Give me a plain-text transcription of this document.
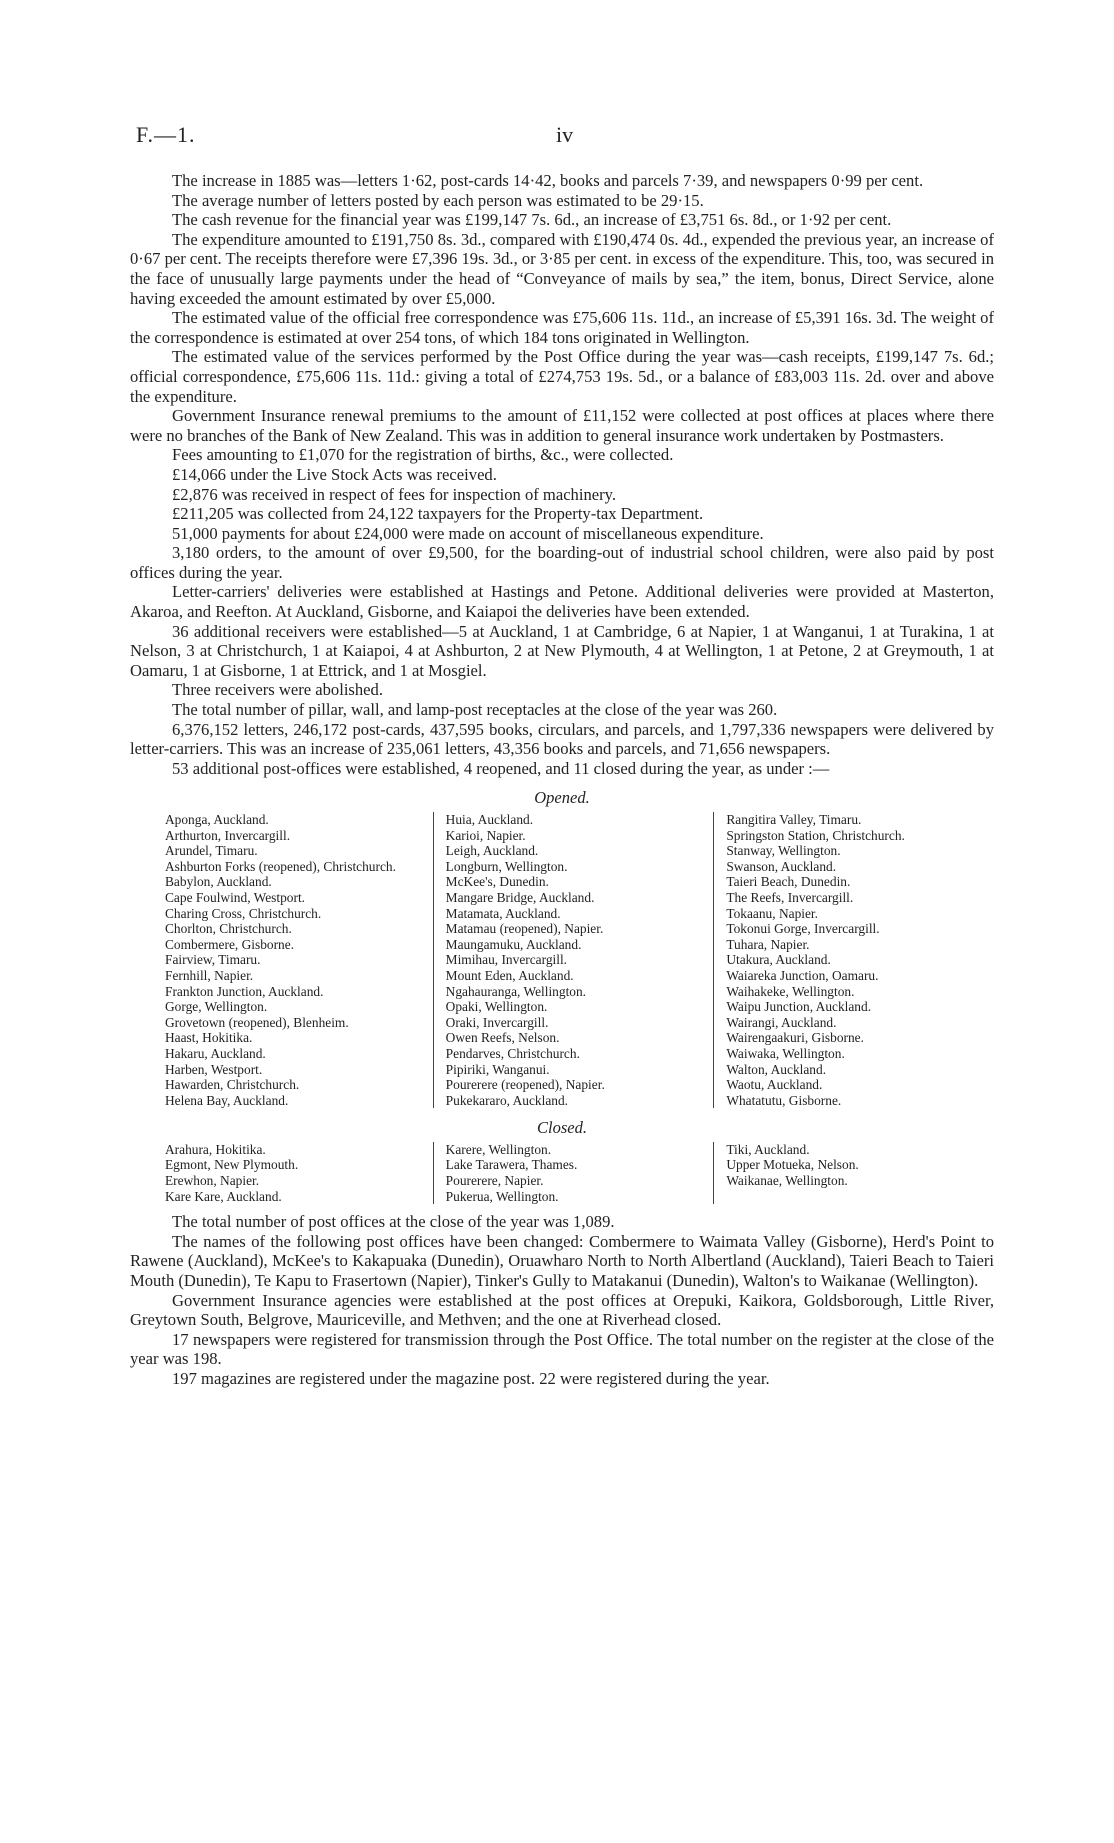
F.—1.	iv

The increase in 1885 was—letters 1·62, post-cards 14·42, books and parcels 7·39, and newspapers 0·99 per cent.

The average number of letters posted by each person was estimated to be 29·15.

The cash revenue for the financial year was £199,147 7s. 6d., an increase of £3,751 6s. 8d., or 1·92 per cent.

The expenditure amounted to £191,750 8s. 3d., compared with £190,474 0s. 4d., expended the previous year, an increase of 0·67 per cent. The receipts therefore were £7,396 19s. 3d., or 3·85 per cent. in excess of the expenditure. This, too, was secured in the face of unusually large payments under the head of “Conveyance of mails by sea,” the item, bonus, Direct Service, alone having exceeded the amount estimated by over £5,000.

The estimated value of the official free correspondence was £75,606 11s. 11d., an increase of £5,391 16s. 3d. The weight of the correspondence is estimated at over 254 tons, of which 184 tons originated in Wellington.

The estimated value of the services performed by the Post Office during the year was—cash receipts, £199,147 7s. 6d.; official correspondence, £75,606 11s. 11d.: giving a total of £274,753 19s. 5d., or a balance of £83,003 11s. 2d. over and above the expenditure.

Government Insurance renewal premiums to the amount of £11,152 were collected at post offices at places where there were no branches of the Bank of New Zealand. This was in addition to general insurance work undertaken by Postmasters.

Fees amounting to £1,070 for the registration of births, &c., were collected.

£14,066 under the Live Stock Acts was received.

£2,876 was received in respect of fees for inspection of machinery.

£211,205 was collected from 24,122 taxpayers for the Property-tax Department.

51,000 payments for about £24,000 were made on account of miscellaneous expenditure.

3,180 orders, to the amount of over £9,500, for the boarding-out of industrial school children, were also paid by post offices during the year.

Letter-carriers' deliveries were established at Hastings and Petone. Additional deliveries were provided at Masterton, Akaroa, and Reefton. At Auckland, Gisborne, and Kaiapoi the deliveries have been extended.

36 additional receivers were established—5 at Auckland, 1 at Cambridge, 6 at Napier, 1 at Wanganui, 1 at Turakina, 1 at Nelson, 3 at Christchurch, 1 at Kaiapoi, 4 at Ashburton, 2 at New Plymouth, 4 at Wellington, 1 at Petone, 2 at Greymouth, 1 at Oamaru, 1 at Gisborne, 1 at Ettrick, and 1 at Mosgiel.

Three receivers were abolished.

The total number of pillar, wall, and lamp-post receptacles at the close of the year was 260.

6,376,152 letters, 246,172 post-cards, 437,595 books, circulars, and parcels, and 1,797,336 newspapers were delivered by letter-carriers. This was an increase of 235,061 letters, 43,356 books and parcels, and 71,656 newspapers.

53 additional post-offices were established, 4 reopened, and 11 closed during the year, as under :—

Opened.
Aponga, Auckland.
Arthurton, Invercargill.
Arundel, Timaru.
Ashburton Forks (reopened), Christchurch.
Babylon, Auckland.
Cape Foulwind, Westport.
Charing Cross, Christchurch.
Chorlton, Christchurch.
Combermere, Gisborne.
Fairview, Timaru.
Fernhill, Napier.
Frankton Junction, Auckland.
Gorge, Wellington.
Grovetown (reopened), Blenheim.
Haast, Hokitika.
Hakaru, Auckland.
Harben, Westport.
Hawarden, Christchurch.
Helena Bay, Auckland.
Huia, Auckland.
Karioi, Napier.
Leigh, Auckland.
Longburn, Wellington.
McKee's, Dunedin.
Mangare Bridge, Auckland.
Matamata, Auckland.
Matamau (reopened), Napier.
Maungamuku, Auckland.
Mimihau, Invercargill.
Mount Eden, Auckland.
Ngahauranga, Wellington.
Opaki, Wellington.
Oraki, Invercargill.
Owen Reefs, Nelson.
Pendarves, Christchurch.
Pipiriki, Wanganui.
Pourerere (reopened), Napier.
Pukekararo, Auckland.
Rangitira Valley, Timaru.
Springston Station, Christchurch.
Stanway, Wellington.
Swanson, Auckland.
Taieri Beach, Dunedin.
The Reefs, Invercargill.
Tokaanu, Napier.
Tokonui Gorge, Invercargill.
Tuhara, Napier.
Utakura, Auckland.
Waiareka Junction, Oamaru.
Waihakeke, Wellington.
Waipu Junction, Auckland.
Wairangi, Auckland.
Wairengaakuri, Gisborne.
Waiwaka, Wellington.
Walton, Auckland.
Waotu, Auckland.
Whatatutu, Gisborne.
Closed.
Arahura, Hokitika.
Egmont, New Plymouth.
Erewhon, Napier.
Kare Kare, Auckland.
Karere, Wellington.
Lake Tarawera, Thames.
Pourerere, Napier.
Pukerua, Wellington.
Tiki, Auckland.
Upper Motueka, Nelson.
Waikanae, Wellington.

The total number of post offices at the close of the year was 1,089.

The names of the following post offices have been changed: Combermere to Waimata Valley (Gisborne), Herd's Point to Rawene (Auckland), McKee's to Kakapuaka (Dunedin), Oruawharo North to North Albertland (Auckland), Taieri Beach to Taieri Mouth (Dunedin), Te Kapu to Frasertown (Napier), Tinker's Gully to Matakanui (Dunedin), Walton's to Waikanae (Wellington).

Government Insurance agencies were established at the post offices at Orepuki, Kaikora, Goldsborough, Little River, Greytown South, Belgrove, Mauriceville, and Methven; and the one at Riverhead closed.

17 newspapers were registered for transmission through the Post Office. The total number on the register at the close of the year was 198.

197 magazines are registered under the magazine post. 22 were registered during the year.
